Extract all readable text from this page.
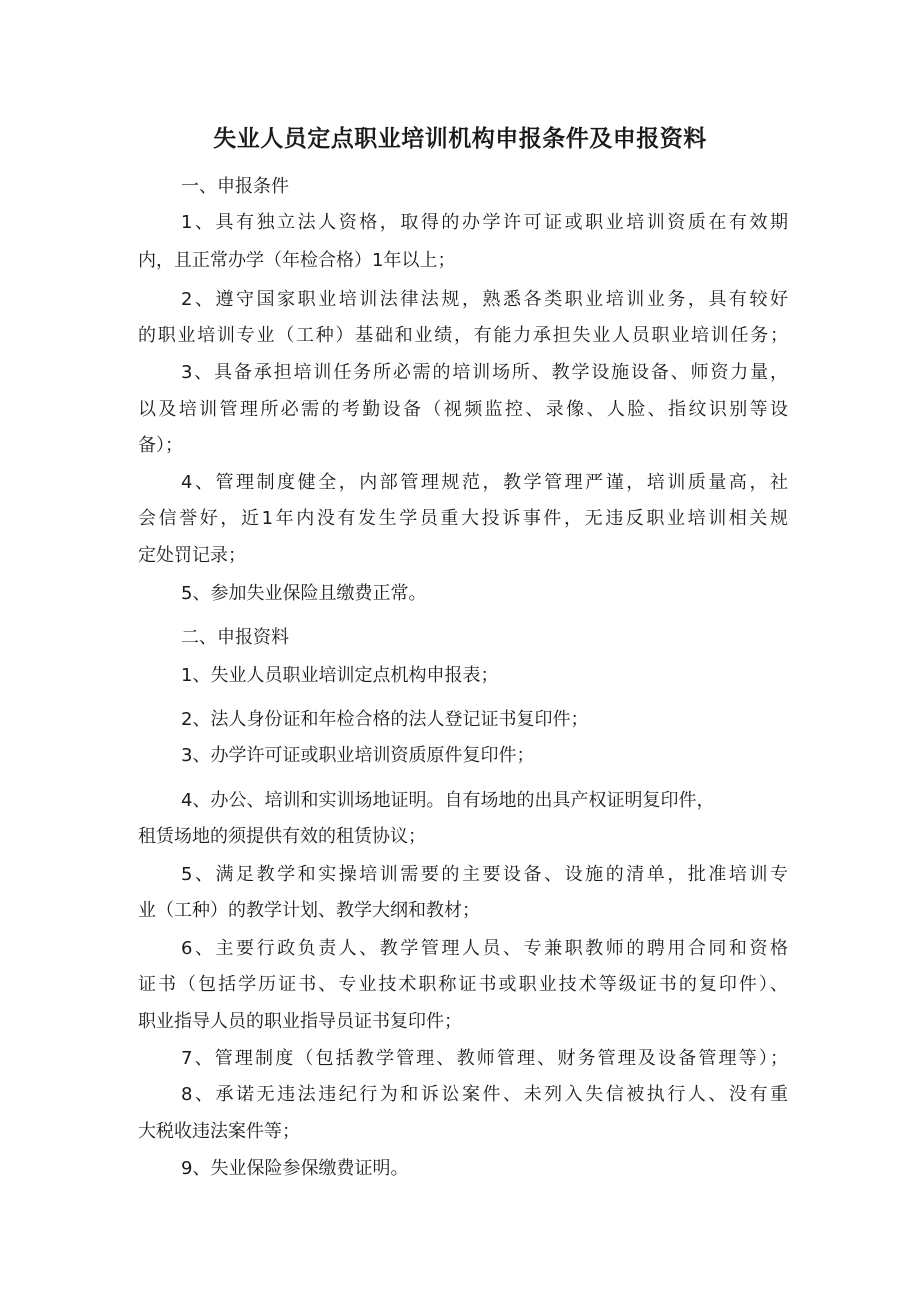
失业人员定点职业培训机构申报条件及申报资料

一、申报条件

1、具有独立法人资格，取得的办学许可证或职业培训资质在有效期

内，且正常办学（年检合格）1年以上；

2、遵守国家职业培训法律法规，熟悉各类职业培训业务，具有较好

的职业培训专业（工种）基础和业绩，有能力承担失业人员职业培训任务；

3、具备承担培训任务所必需的培训场所、教学设施设备、师资力量，

以及培训管理所必需的考勤设备（视频监控、录像、人脸、指纹识别等设

备）；

4、管理制度健全，内部管理规范，教学管理严谨，培训质量高，社

会信誉好，近1年内没有发生学员重大投诉事件，无违反职业培训相关规

定处罚记录；

5、参加失业保险且缴费正常。

二、申报资料

1、失业人员职业培训定点机构申报表；

2、法人身份证和年检合格的法人登记证书复印件；

3、办学许可证或职业培训资质原件复印件；

4、办公、培训和实训场地证明。自有场地的出具产权证明复印件，

租赁场地的须提供有效的租赁协议；

5、满足教学和实操培训需要的主要设备、设施的清单，批准培训专

业（工种）的教学计划、教学大纲和教材；

6、主要行政负责人、教学管理人员、专兼职教师的聘用合同和资格

证书（包括学历证书、专业技术职称证书或职业技术等级证书的复印件）、

职业指导人员的职业指导员证书复印件；

7、管理制度（包括教学管理、教师管理、财务管理及设备管理等）；

8、承诺无违法违纪行为和诉讼案件、未列入失信被执行人、没有重

大税收违法案件等；

9、失业保险参保缴费证明。
